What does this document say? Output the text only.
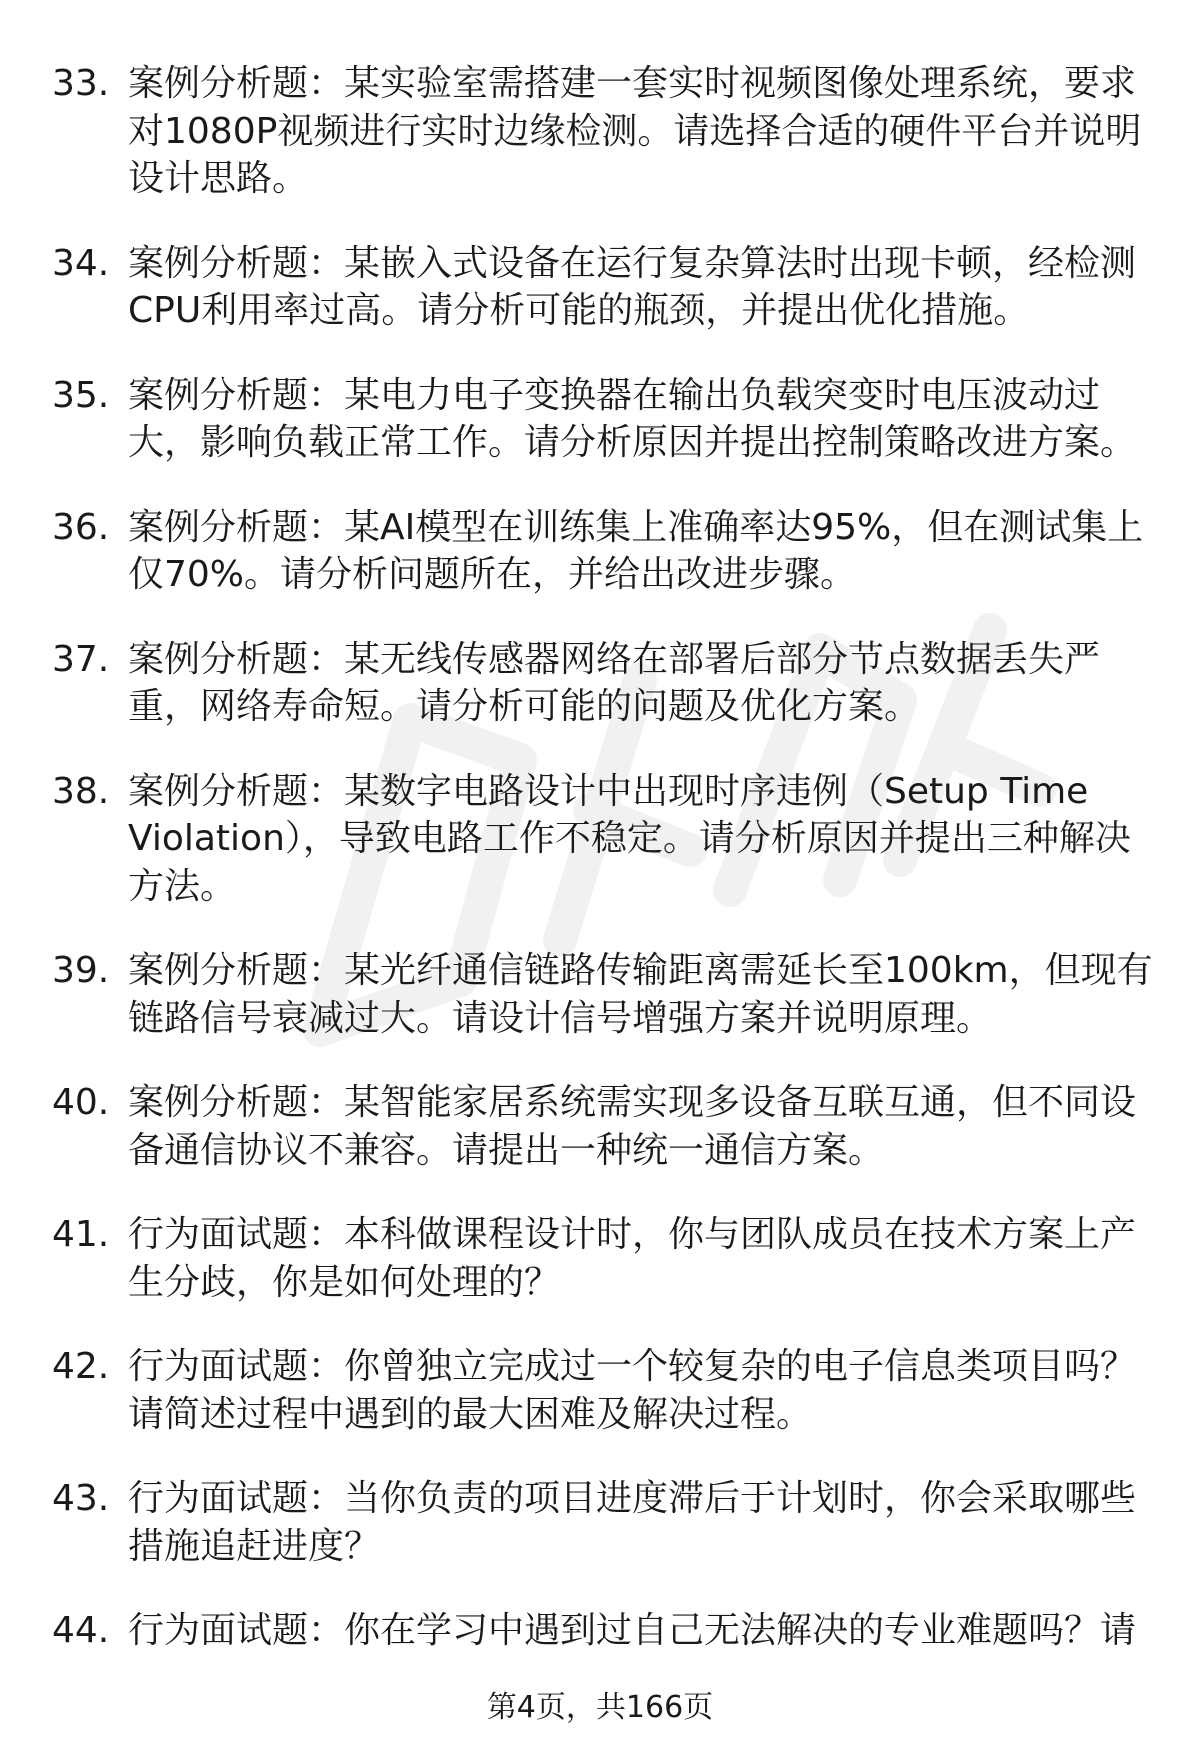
33. 案例分析题：某实验室需搭建一套实时视频图像处理系统，要求对1080P视频进行实时边缘检测。请选择合适的硬件平台并说明设计思路。
34. 案例分析题：某嵌入式设备在运行复杂算法时出现卡顿，经检测CPU利用率过高。请分析可能的瓶颈，并提出优化措施。
35. 案例分析题：某电力电子变换器在输出负载突变时电压波动过大，影响负载正常工作。请分析原因并提出控制策略改进方案。
36. 案例分析题：某AI模型在训练集上准确率达95%，但在测试集上仅70%。请分析问题所在，并给出改进步骤。
37. 案例分析题：某无线传感器网络在部署后部分节点数据丢失严重，网络寿命短。请分析可能的问题及优化方案。
38. 案例分析题：某数字电路设计中出现时序违例（Setup Time Violation），导致电路工作不稳定。请分析原因并提出三种解决方法。
39. 案例分析题：某光纤通信链路传输距离需延长至100km，但现有链路信号衰减过大。请设计信号增强方案并说明原理。
40. 案例分析题：某智能家居系统需实现多设备互联互通，但不同设备通信协议不兼容。请提出一种统一通信方案。
41. 行为面试题：本科做课程设计时，你与团队成员在技术方案上产生分歧，你是如何处理的？
42. 行为面试题：你曾独立完成过一个较复杂的电子信息类项目吗？请简述过程中遇到的最大困难及解决过程。
43. 行为面试题：当你负责的项目进度滞后于计划时，你会采取哪些措施追赶进度？
44. 行为面试题：你在学习中遇到过自己无法解决的专业难题吗？请
第4页，共166页
